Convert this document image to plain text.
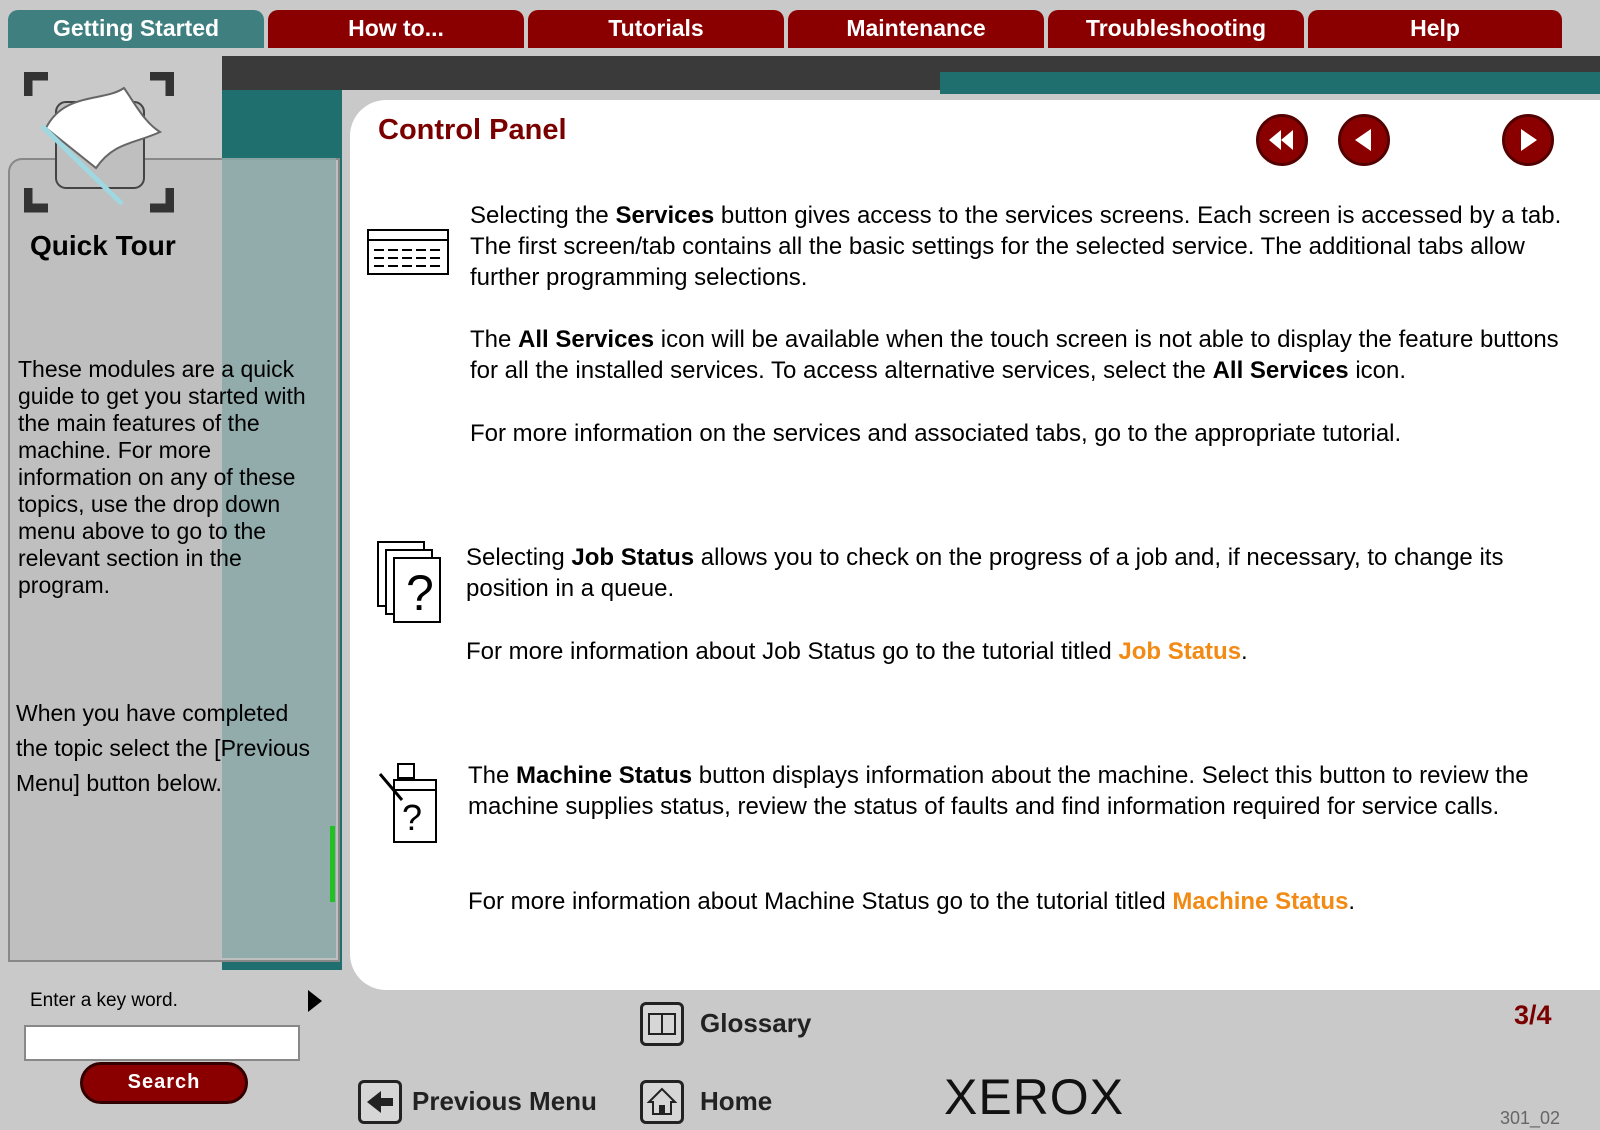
Getting Started	How to...	Tutorials	Maintenance	Troubleshooting	Help
Quick Tour
These modules are a quick guide to get you started with the main features of the machine. For more information on any of these topics, use the drop down menu above to go to the relevant section in the program.
When you have completed the topic select the [Previous Menu] button below.
Enter a key word.
Search
Control Panel
Selecting the Services button gives access to the services screens. Each screen is accessed by a tab. The first screen/tab contains all the basic settings for the selected service. The additional tabs allow further programming selections.
The All Services icon will be available when the touch screen is not able to display the feature buttons for all the installed services. To access alternative services, select the All Services icon.
For more information on the services and associated tabs, go to the appropriate tutorial.
?
Selecting Job Status allows you to check on the progress of a job and, if necessary, to change its position in a queue.
For more information about Job Status go to the tutorial titled Job Status.
?
The Machine Status button displays information about the machine. Select this button to review the machine supplies status, review the status of faults and find information required for service calls.
For more information about Machine Status go to the tutorial titled Machine Status.
3/4
Glossary
Previous Menu	Home	XEROX	301_02
